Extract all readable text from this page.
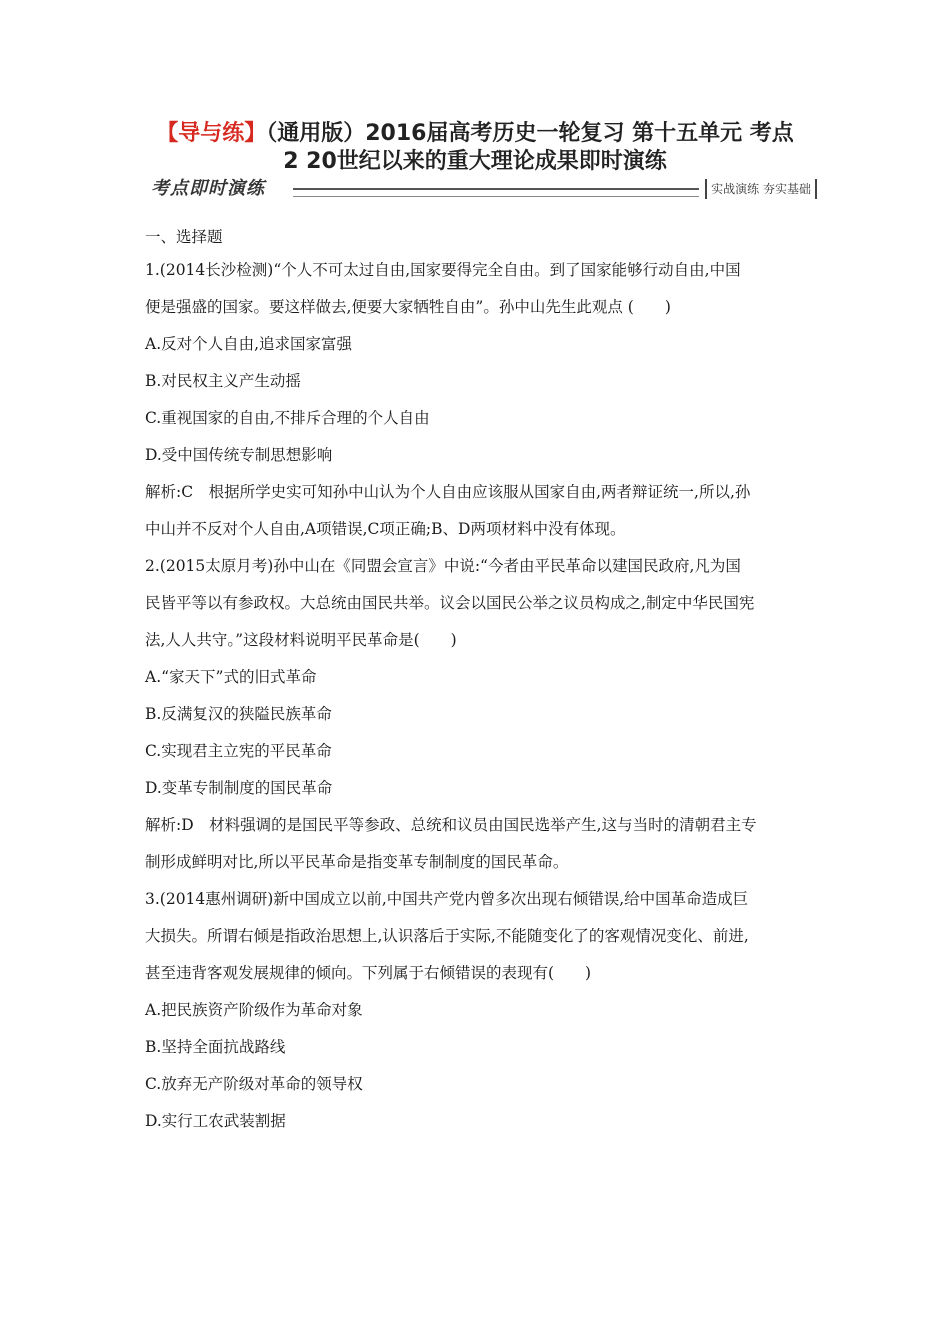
【导与练】（通用版）2016届高考历史一轮复习 第十五单元 考点
2 20世纪以来的重大理论成果即时演练
考点即时演练	实战演练 夯实基础
一、选择题
1.(2014长沙检测)“个人不可太过自由,国家要得完全自由。到了国家能够行动自由,中国
便是强盛的国家。要这样做去,便要大家牺牲自由”。孙中山先生此观点 (　　)
A.反对个人自由,追求国家富强
B.对民权主义产生动摇
C.重视国家的自由,不排斥合理的个人自由
D.受中国传统专制思想影响
解析:C　根据所学史实可知孙中山认为个人自由应该服从国家自由,两者辩证统一,所以,孙
中山并不反对个人自由,A项错误,C项正确;B、D两项材料中没有体现。
2.(2015太原月考)孙中山在《同盟会宣言》中说:“今者由平民革命以建国民政府,凡为国
民皆平等以有参政权。大总统由国民共举。议会以国民公举之议员构成之,制定中华民国宪
法,人人共守。”这段材料说明平民革命是(　　)
A.“家天下”式的旧式革命
B.反满复汉的狭隘民族革命
C.实现君主立宪的平民革命
D.变革专制制度的国民革命
解析:D　材料强调的是国民平等参政、总统和议员由国民选举产生,这与当时的清朝君主专
制形成鲜明对比,所以平民革命是指变革专制制度的国民革命。
3.(2014惠州调研)新中国成立以前,中国共产党内曾多次出现右倾错误,给中国革命造成巨
大损失。所谓右倾是指政治思想上,认识落后于实际,不能随变化了的客观情况变化、前进,
甚至违背客观发展规律的倾向。下列属于右倾错误的表现有(　　)
A.把民族资产阶级作为革命对象
B.坚持全面抗战路线
C.放弃无产阶级对革命的领导权
D.实行工农武装割据
